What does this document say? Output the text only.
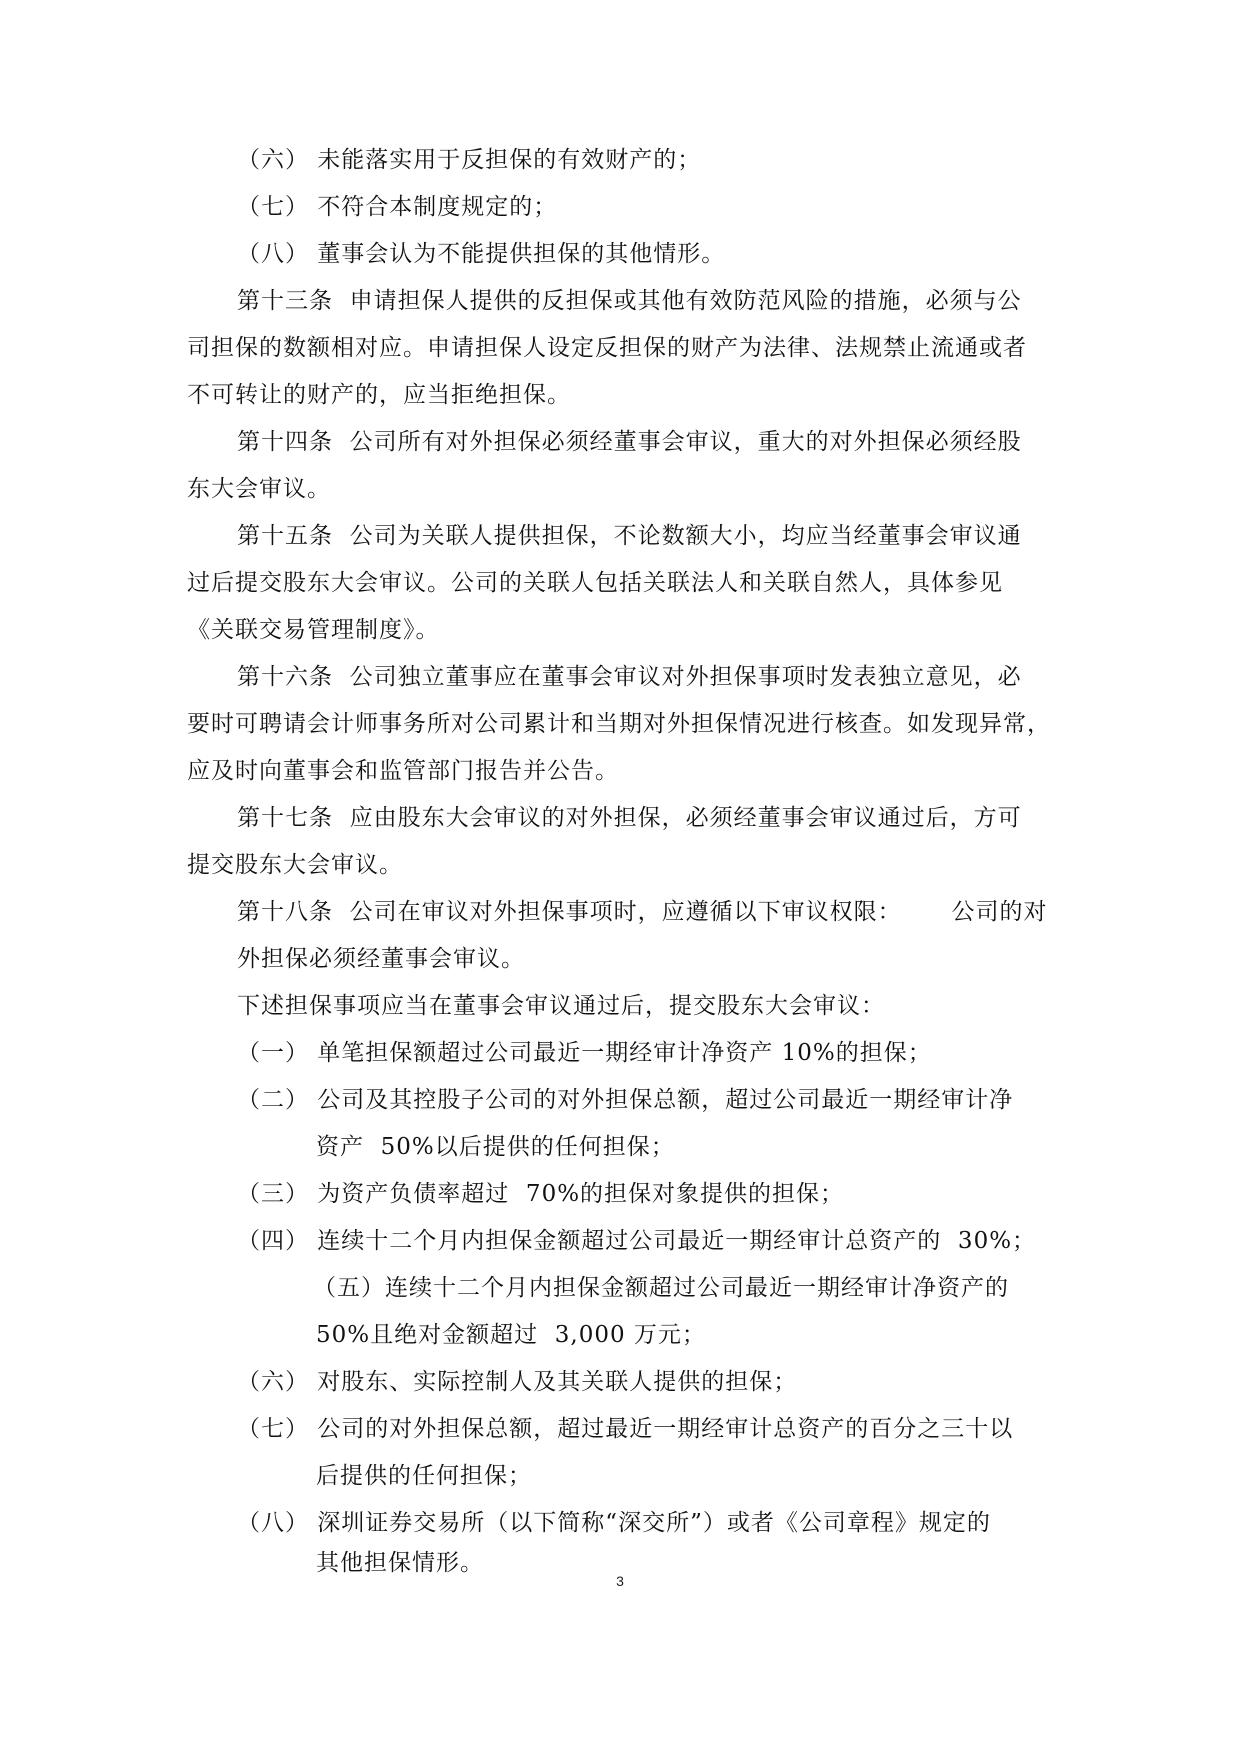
（六） 未能落实用于反担保的有效财产的；
（七） 不符合本制度规定的；
（八） 董事会认为不能提供担保的其他情形。
第十三条  申请担保人提供的反担保或其他有效防范风险的措施，必须与公
司担保的数额相对应。申请担保人设定反担保的财产为法律、法规禁止流通或者
不可转让的财产的，应当拒绝担保。
第十四条  公司所有对外担保必须经董事会审议，重大的对外担保必须经股
东大会审议。
第十五条  公司为关联人提供担保，不论数额大小，均应当经董事会审议通
过后提交股东大会审议。公司的关联人包括关联法人和关联自然人，具体参见
《关联交易管理制度》。
第十六条  公司独立董事应在董事会审议对外担保事项时发表独立意见，必
要时可聘请会计师事务所对公司累计和当期对外担保情况进行核查。如发现异常，
应及时向董事会和监管部门报告并公告。
第十七条  应由股东大会审议的对外担保，必须经董事会审议通过后，方可
提交股东大会审议。
第十八条  公司在审议对外担保事项时，应遵循以下审议权限：      公司的对
外担保必须经董事会审议。
下述担保事项应当在董事会审议通过后，提交股东大会审议：
（一） 单笔担保额超过公司最近一期经审计净资产 10%的担保；
（二） 公司及其控股子公司的对外担保总额，超过公司最近一期经审计净
资产  50%以后提供的任何担保；
（三） 为资产负债率超过  70%的担保对象提供的担保；
（四） 连续十二个月内担保金额超过公司最近一期经审计总资产的  30%；
（五）连续十二个月内担保金额超过公司最近一期经审计净资产的
50%且绝对金额超过  3,000 万元；
（六） 对股东、实际控制人及其关联人提供的担保；
（七） 公司的对外担保总额，超过最近一期经审计总资产的百分之三十以
后提供的任何担保；
（八） 深圳证券交易所（以下简称“深交所”）或者《公司章程》规定的
其他担保情形。
3
